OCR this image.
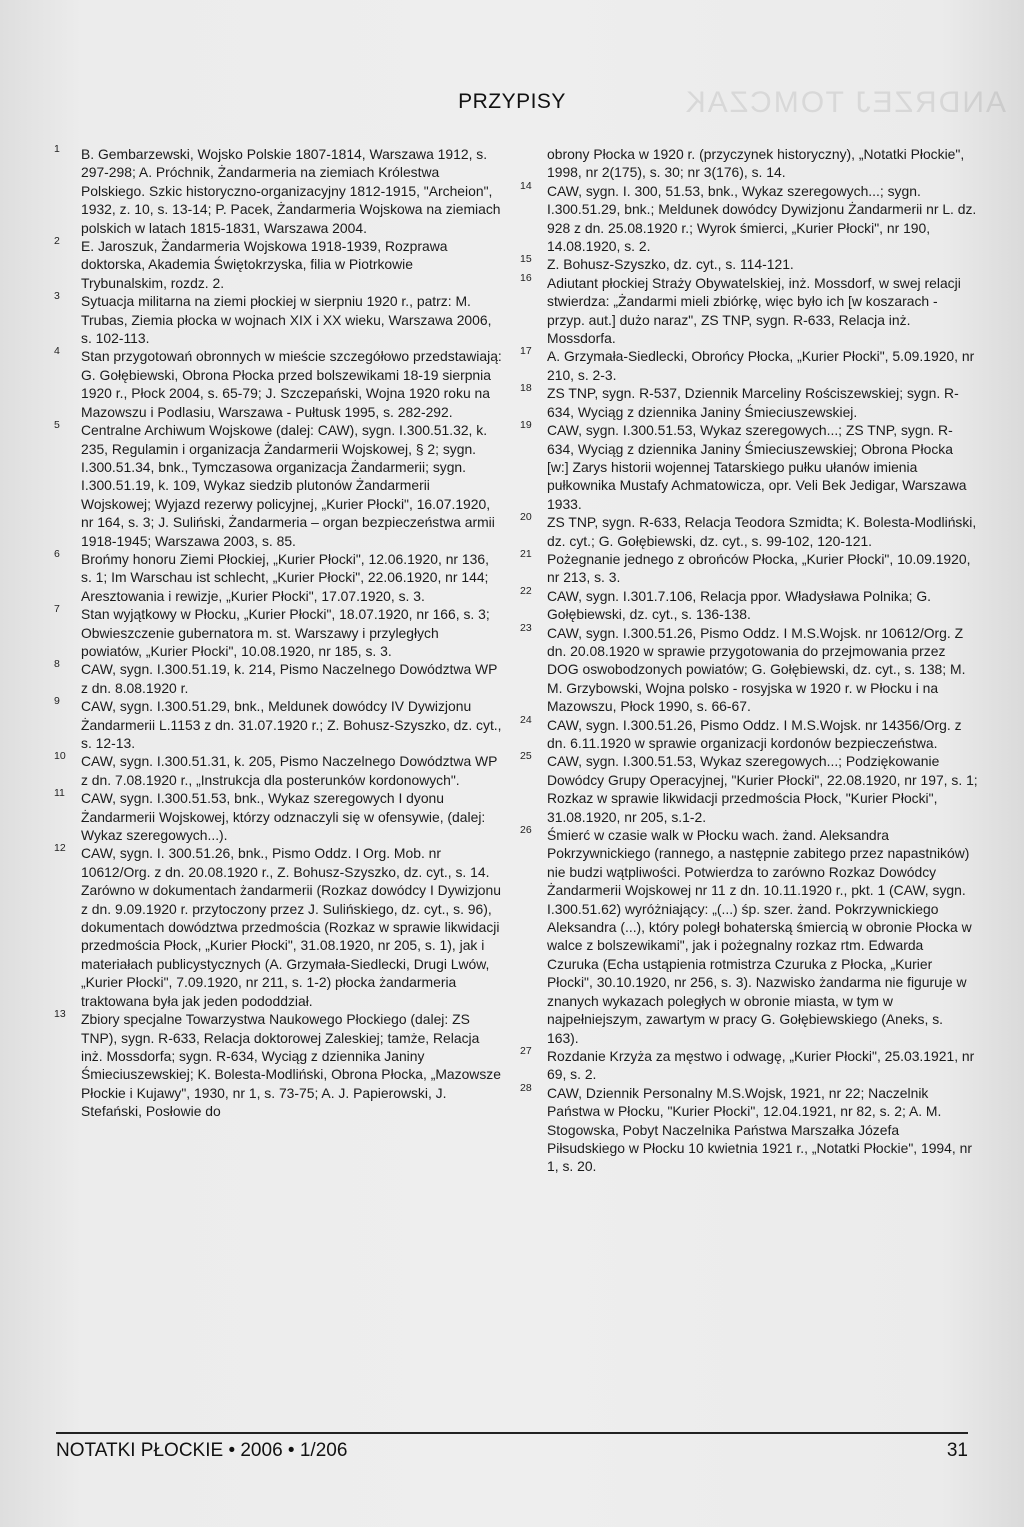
ANDRZEJ TOMCZAK
PRZYPISY
1 B. Gembarzewski, Wojsko Polskie 1807-1814, Warszawa 1912, s. 297-298; A. Próchnik, Żandarmeria na ziemiach Królestwa Polskiego. Szkic historyczno-organizacyjny 1812-1915, "Archeion", 1932, z. 10, s. 13-14; P. Pacek, Żandarmeria Wojskowa na ziemiach polskich w latach 1815-1831, Warszawa 2004.
2 E. Jaroszuk, Żandarmeria Wojskowa 1918-1939, Rozprawa doktorska, Akademia Świętokrzyska, filia w Piotrkowie Trybunalskim, rozdz. 2.
3 Sytuacja militarna na ziemi płockiej w sierpniu 1920 r., patrz: M. Trubas, Ziemia płocka w wojnach XIX i XX wieku, Warszawa 2006, s. 102-113.
4 Stan przygotowań obronnych w mieście szczegółowo przedstawiają: G. Gołębiewski, Obrona Płocka przed bolszewikami 18-19 sierpnia 1920 r., Płock 2004, s. 65-79; J. Szczepański, Wojna 1920 roku na Mazowszu i Podlasiu, Warszawa - Pułtusk 1995, s. 282-292.
5 Centralne Archiwum Wojskowe (dalej: CAW), sygn. I.300.51.32, k. 235, Regulamin i organizacja Żandarmerii Wojskowej, § 2; sygn. I.300.51.34, bnk., Tymczasowa organizacja Żandarmerii; sygn. I.300.51.19, k. 109, Wykaz siedzib plutonów Żandarmerii Wojskowej; Wyjazd rezerwy policyjnej, „Kurier Płocki", 16.07.1920, nr 164, s. 3; J. Suliński, Żandarmeria – organ bezpieczeństwa armii 1918-1945; Warszawa 2003, s. 85.
6 Brońmy honoru Ziemi Płockiej, „Kurier Płocki", 12.06.1920, nr 136, s. 1; Im Warschau ist schlecht, „Kurier Płocki", 22.06.1920, nr 144; Aresztowania i rewizje, „Kurier Płocki", 17.07.1920, s. 3.
7 Stan wyjątkowy w Płocku, „Kurier Płocki", 18.07.1920, nr 166, s. 3; Obwieszczenie gubernatora m. st. Warszawy i przyległych powiatów, „Kurier Płocki", 10.08.1920, nr 185, s. 3.
8 CAW, sygn. I.300.51.19, k. 214, Pismo Naczelnego Dowództwa WP z dn. 8.08.1920 r.
9 CAW, sygn. I.300.51.29, bnk., Meldunek dowódcy IV Dywizjonu Żandarmerii L.1153 z dn. 31.07.1920 r.; Z. Bohusz-Szyszko, dz. cyt., s. 12-13.
10 CAW, sygn. I.300.51.31, k. 205, Pismo Naczelnego Dowództwa WP z dn. 7.08.1920 r., „Instrukcja dla posterunków kordonowych".
11 CAW, sygn. I.300.51.53, bnk., Wykaz szeregowych I dyonu Żandarmerii Wojskowej, którzy odznaczyli się w ofensywie, (dalej: Wykaz szeregowych...).
12 CAW, sygn. I. 300.51.26, bnk., Pismo Oddz. I Org. Mob. nr 10612/Org. z dn. 20.08.1920 r., Z. Bohusz-Szyszko, dz. cyt., s. 14. Zarówno w dokumentach żandarmerii (Rozkaz dowódcy I Dywizjonu z dn. 9.09.1920 r. przytoczony przez J. Sulińskiego, dz. cyt., s. 96), dokumentach dowództwa przedmościa (Rozkaz w sprawie likwidacji przedmościa Płock, „Kurier Płocki", 31.08.1920, nr 205, s. 1), jak i materiałach publicystycznych (A. Grzymała-Siedlecki, Drugi Lwów, „Kurier Płocki", 7.09.1920, nr 211, s. 1-2) płocka żandarmeria traktowana była jak jeden pododdział.
13 Zbiory specjalne Towarzystwa Naukowego Płockiego (dalej: ZS TNP), sygn. R-633, Relacja doktorowej Zaleskiej; tamże, Relacja inż. Mossdorfa; sygn. R-634, Wyciąg z dziennika Janiny Śmieciuszewskiej; K. Bolesta-Modliński, Obrona Płocka, „Mazowsze Płockie i Kujawy", 1930, nr 1, s. 73-75; A. J. Papierowski, J. Stefański, Posłowie do
obrony Płocka w 1920 r. (przyczynek historyczny), „Notatki Płockie", 1998, nr 2(175), s. 30; nr 3(176), s. 14.
14 CAW, sygn. I. 300, 51.53, bnk., Wykaz szeregowych...; sygn. I.300.51.29, bnk.; Meldunek dowódcy Dywizjonu Żandarmerii nr L. dz. 928 z dn. 25.08.1920 r.; Wyrok śmierci, „Kurier Płocki", nr 190, 14.08.1920, s. 2.
15 Z. Bohusz-Szyszko, dz. cyt., s. 114-121.
16 Adiutant płockiej Straży Obywatelskiej, inż. Mossdorf, w swej relacji stwierdza: „Żandarmi mieli zbiórkę, więc było ich [w koszarach - przyp. aut.] dużo naraz", ZS TNP, sygn. R-633, Relacja inż. Mossdorfa.
17 A. Grzymała-Siedlecki, Obrońcy Płocka, „Kurier Płocki", 5.09.1920, nr 210, s. 2-3.
18 ZS TNP, sygn. R-537, Dziennik Marceliny Rościszewskiej; sygn. R-634, Wyciąg z dziennika Janiny Śmieciuszewskiej.
19 CAW, sygn. I.300.51.53, Wykaz szeregowych...; ZS TNP, sygn. R-634, Wyciąg z dziennika Janiny Śmieciuszewskiej; Obrona Płocka [w:] Zarys historii wojennej Tatarskiego pułku ułanów imienia pułkownika Mustafy Achmatowicza, opr. Veli Bek Jedigar, Warszawa 1933.
20 ZS TNP, sygn. R-633, Relacja Teodora Szmidta; K. Bolesta-Modliński, dz. cyt.; G. Gołębiewski, dz. cyt., s. 99-102, 120-121.
21 Pożegnanie jednego z obrońców Płocka, „Kurier Płocki", 10.09.1920, nr 213, s. 3.
22 CAW, sygn. I.301.7.106, Relacja ppor. Władysława Polnika; G. Gołębiewski, dz. cyt., s. 136-138.
23 CAW, sygn. I.300.51.26, Pismo Oddz. I M.S.Wojsk. nr 10612/Org. Z dn. 20.08.1920 w sprawie przygotowania do przejmowania przez DOG oswobodzonych powiatów; G. Gołębiewski, dz. cyt., s. 138; M. M. Grzybowski, Wojna polsko - rosyjska w 1920 r. w Płocku i na Mazowszu, Płock 1990, s. 66-67.
24 CAW, sygn. I.300.51.26, Pismo Oddz. I M.S.Wojsk. nr 14356/Org. z dn. 6.11.1920 w sprawie organizacji kordonów bezpieczeństwa.
25 CAW, sygn. I.300.51.53, Wykaz szeregowych...; Podziękowanie Dowódcy Grupy Operacyjnej, "Kurier Płocki", 22.08.1920, nr 197, s. 1; Rozkaz w sprawie likwidacji przedmościa Płock, "Kurier Płocki", 31.08.1920, nr 205, s.1-2.
26 Śmierć w czasie walk w Płocku wach. żand. Aleksandra Pokrzywnickiego (rannego, a następnie zabitego przez napastników) nie budzi wątpliwości. Potwierdza to zarówno Rozkaz Dowódcy Żandarmerii Wojskowej nr 11 z dn. 10.11.1920 r., pkt. 1 (CAW, sygn. I.300.51.62) wyróżniający: „(...) śp. szer. żand. Pokrzywnickiego Aleksandra (...), który poległ bohaterską śmiercią w obronie Płocka w walce z bolszewikami", jak i pożegnalny rozkaz rtm. Edwarda Czuruka (Echa ustąpienia rotmistrza Czuruka z Płocka, „Kurier Płocki", 30.10.1920, nr 256, s. 3). Nazwisko żandarma nie figuruje w znanych wykazach poległych w obronie miasta, w tym w najpełniejszym, zawartym w pracy G. Gołębiewskiego (Aneks, s. 163).
27 Rozdanie Krzyża za męstwo i odwagę, „Kurier Płocki", 25.03.1921, nr 69, s. 2.
28 CAW, Dziennik Personalny M.S.Wojsk, 1921, nr 22; Naczelnik Państwa w Płocku, "Kurier Płocki", 12.04.1921, nr 82, s. 2; A. M. Stogowska, Pobyt Naczelnika Państwa Marszałka Józefa Piłsudskiego w Płocku 10 kwietnia 1921 r., „Notatki Płockie", 1994, nr 1, s. 20.
NOTATKI PŁOCKIE • 2006 • 1/206	31
